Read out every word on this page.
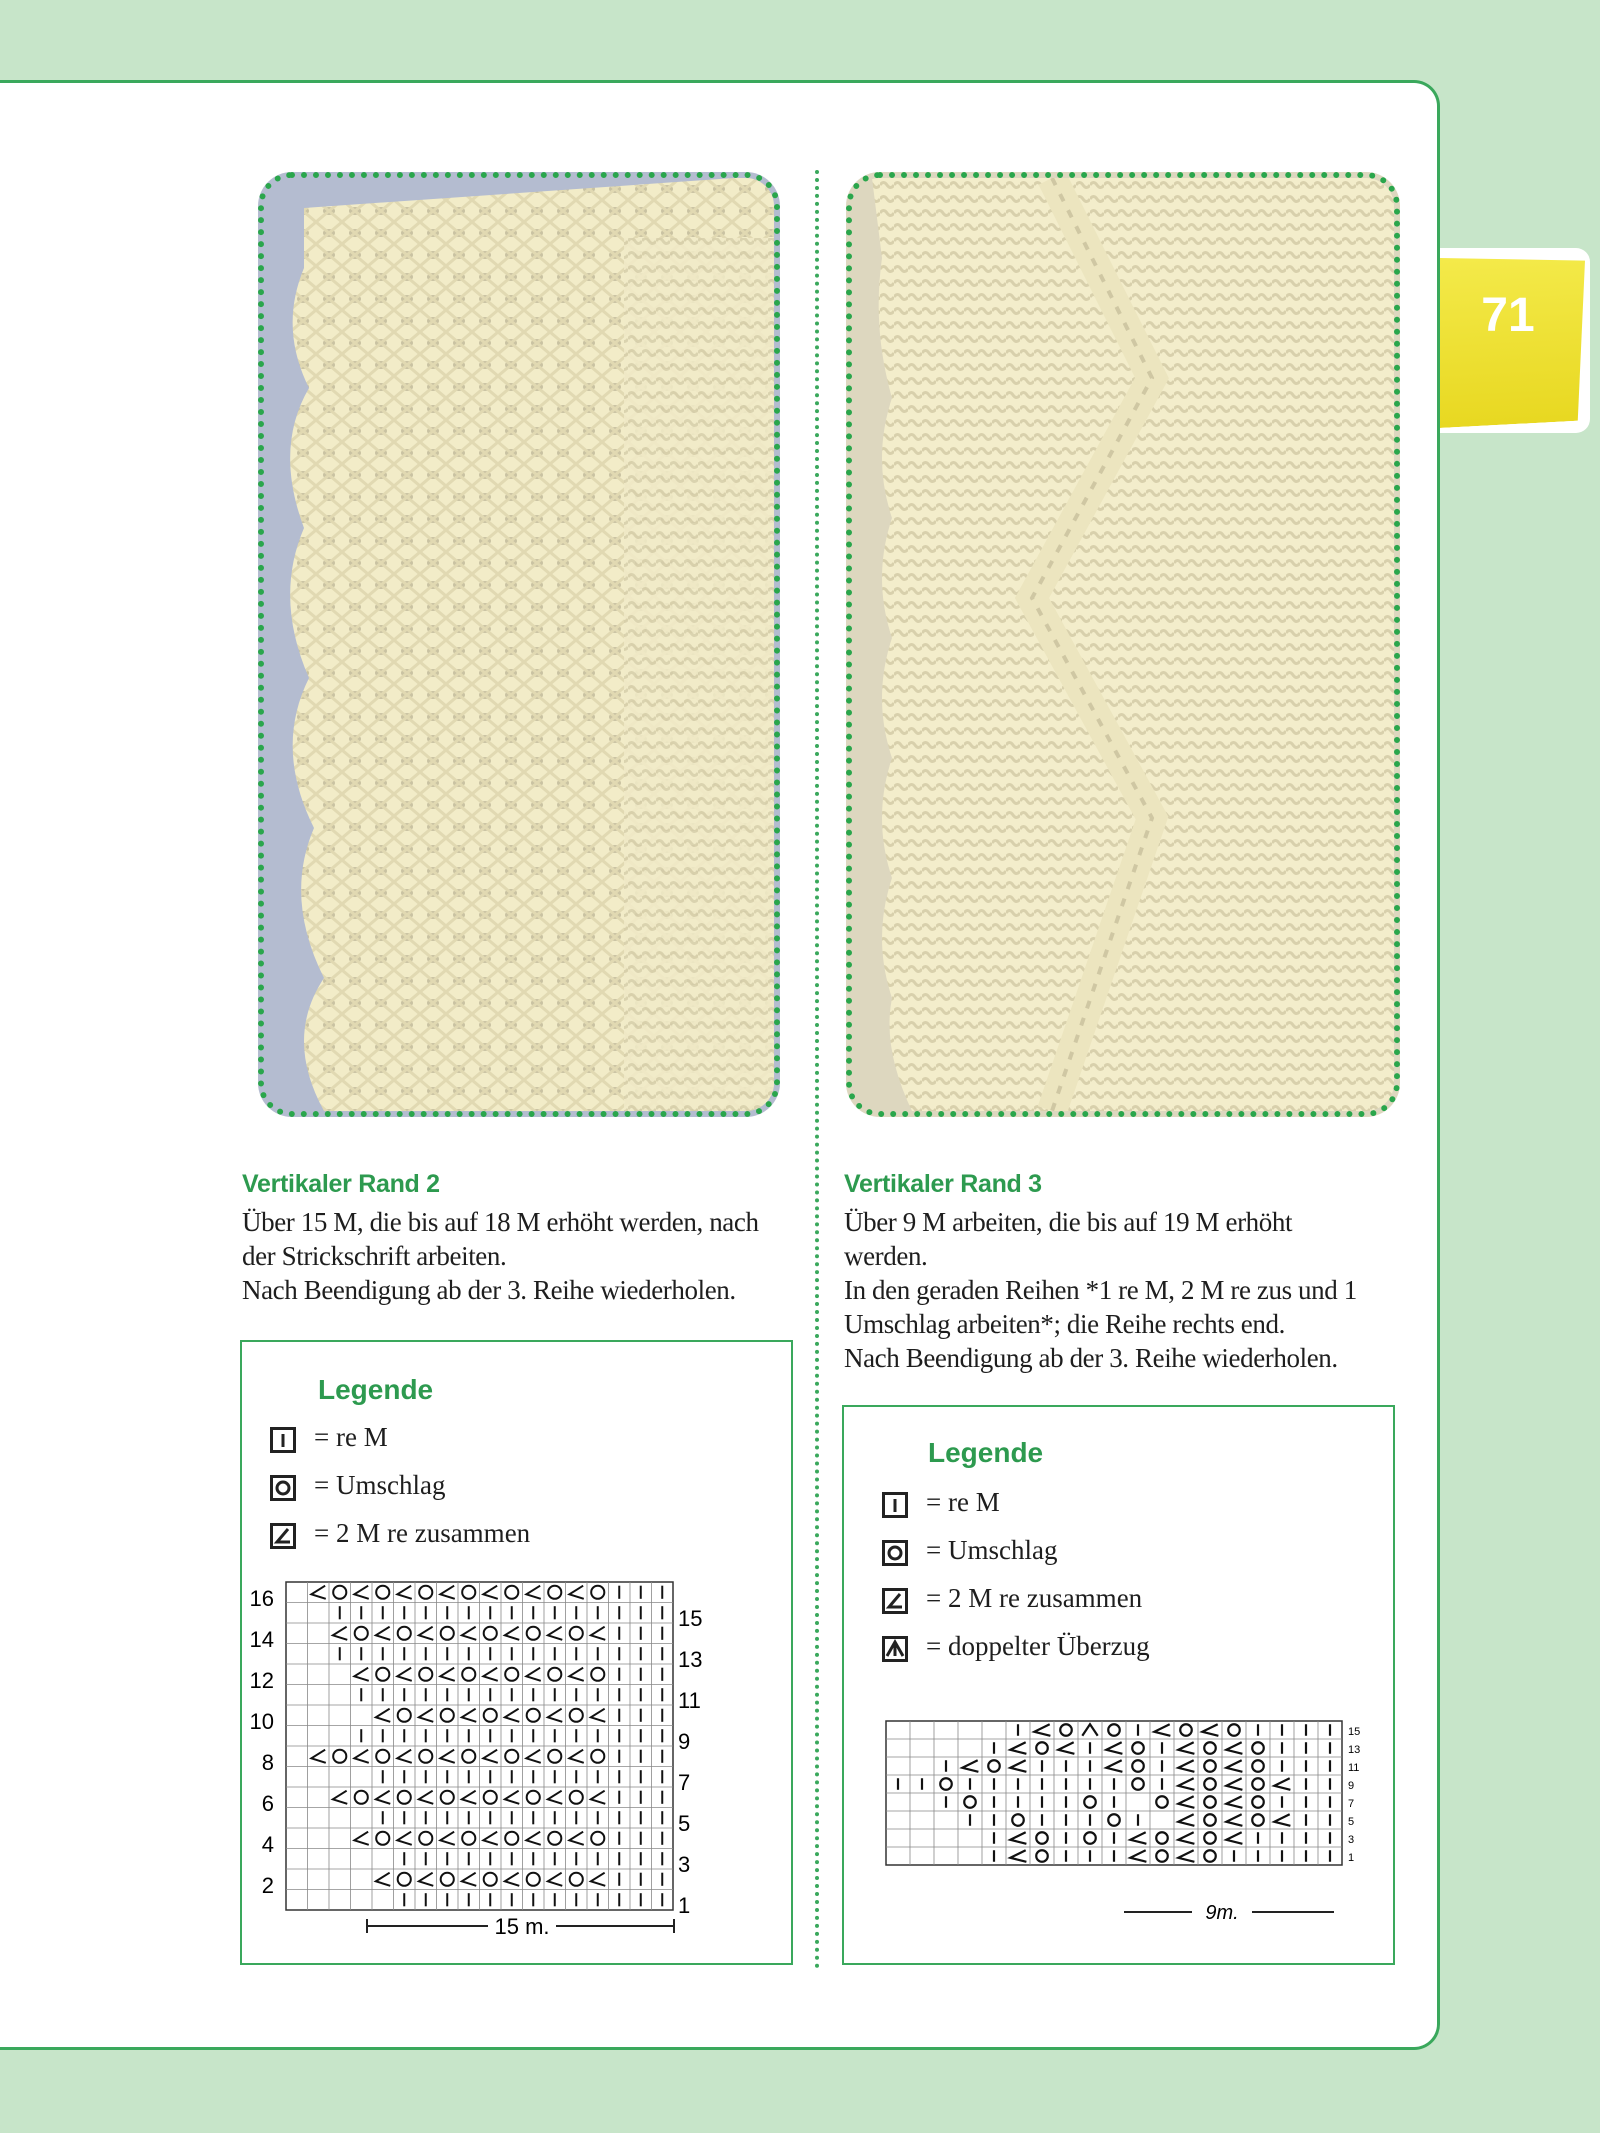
71
Vertikaler Rand 2
Über 15 M, die bis auf 18 M erhöht werden, nach
der Strickschrift arbeiten.
Nach Beendigung ab der 3. Reihe wiederholen.
Legende
= re M
= Umschlag
= 2 M re zusammen
16
14
12
10
8
6
4
2
15
13
11
9
7
5
3
1
15 m.
Vertikaler Rand 3
Über 9 M arbeiten, die bis auf 19 M erhöht
werden.
In den geraden Reihen *1 re M, 2 M re zus und 1
Umschlag arbeiten*; die Reihe rechts end.
Nach Beendigung ab der 3. Reihe wiederholen.
Legende
= re M
= Umschlag
= 2 M re zusammen
= doppelter Überzug
15
13
11
9
7
5
3
1
9m.
